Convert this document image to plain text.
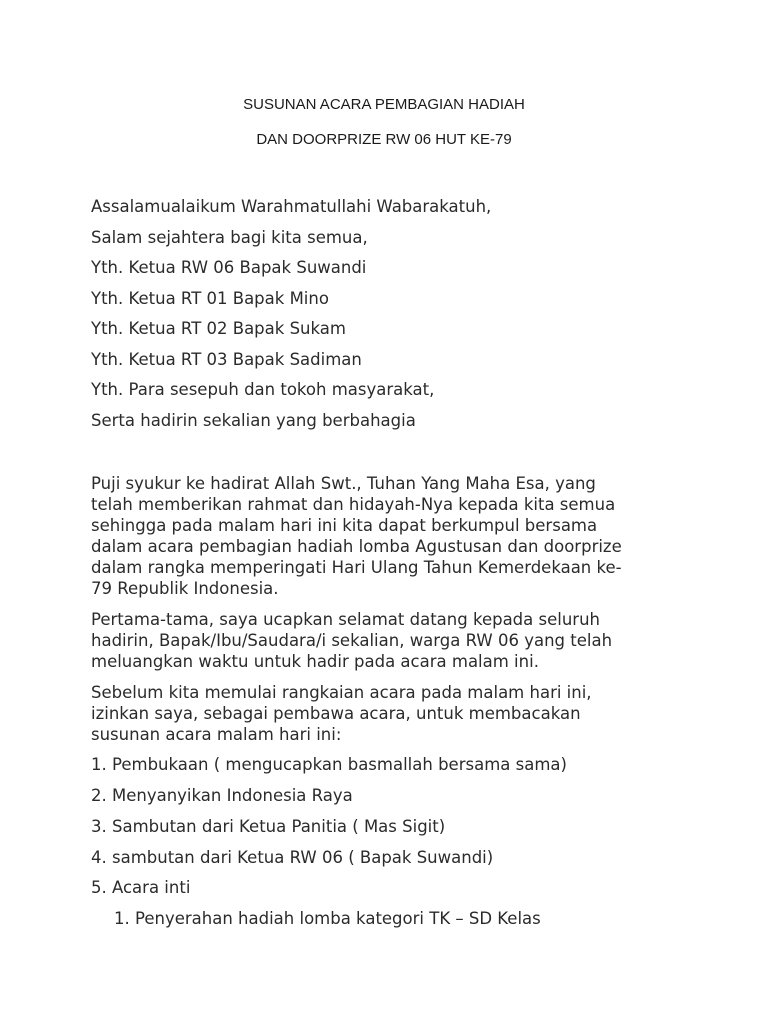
SUSUNAN ACARA PEMBAGIAN HADIAH
DAN DOORPRIZE RW 06 HUT KE-79
Assalamualaikum Warahmatullahi Wabarakatuh,
Salam sejahtera bagi kita semua,
Yth. Ketua RW 06 Bapak Suwandi
Yth. Ketua RT 01 Bapak Mino
Yth. Ketua RT 02 Bapak Sukam
Yth. Ketua RT 03 Bapak Sadiman
Yth. Para sesepuh dan tokoh masyarakat,
Serta hadirin sekalian yang berbahagia
Puji syukur ke hadirat Allah Swt., Tuhan Yang Maha Esa, yang
telah memberikan rahmat dan hidayah-Nya kepada kita semua
sehingga pada malam hari ini kita dapat berkumpul bersama
dalam acara pembagian hadiah lomba Agustusan dan doorprize
dalam rangka memperingati Hari Ulang Tahun Kemerdekaan ke-
79 Republik Indonesia.
Pertama-tama, saya ucapkan selamat datang kepada seluruh
hadirin, Bapak/Ibu/Saudara/i sekalian, warga RW 06 yang telah
meluangkan waktu untuk hadir pada acara malam ini.
Sebelum kita memulai rangkaian acara pada malam hari ini,
izinkan saya, sebagai pembawa acara, untuk membacakan
susunan acara malam hari ini:
1. Pembukaan ( mengucapkan basmallah bersama sama)
2. Menyanyikan Indonesia Raya
3. Sambutan dari Ketua Panitia ( Mas Sigit)
4. sambutan dari Ketua RW 06 ( Bapak Suwandi)
5. Acara inti
1. Penyerahan hadiah lomba kategori TK – SD Kelas
